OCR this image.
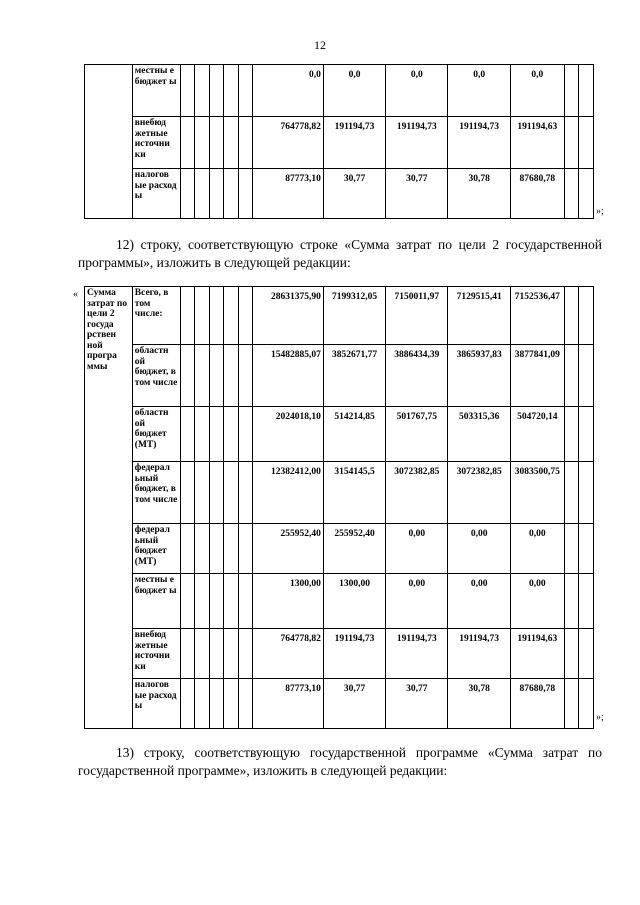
12
	местны е бюджет ы						0,0	0,0	0,0	0,0	0,0		
	внебюд жетные источни ки						764778,82	191194,73	191194,73	191194,73	191194,63		
	налогов ые расход ы						87773,10	30,77	30,77	30,78	87680,78		
»;
12) строку, соответствующую строке «Сумма затрат по цели 2 государственной программы», изложить в следующей редакции:
« Сумма затрат по цели 2 госуда рствен ной програ ммы	Всего, в том числе:						28631375,90	7199312,05	7150011,97	7129515,41	7152536,47		
	областн ой бюджет, в том числе						15482885,07	3852671,77	3886434,39	3865937,83	3877841,09		
	областн ой бюджет (МТ)						2024018,10	514214,85	501767,75	503315,36	504720,14		
	федерал ьный бюджет, в том числе						12382412,00	3154145,5	3072382,85	3072382,85	3083500,75		
	федерал ьный бюджет (МТ)						255952,40	255952,40	0,00	0,00	0,00		
	местны е бюджет ы						1300,00	1300,00	0,00	0,00	0,00		
	внебюд жетные источни ки						764778,82	191194,73	191194,73	191194,73	191194,63		
	налогов ые расход ы						87773,10	30,77	30,77	30,78	87680,78		
»;
13) строку, соответствующую государственной программе «Сумма затрат по государственной программе», изложить в следующей редакции:
